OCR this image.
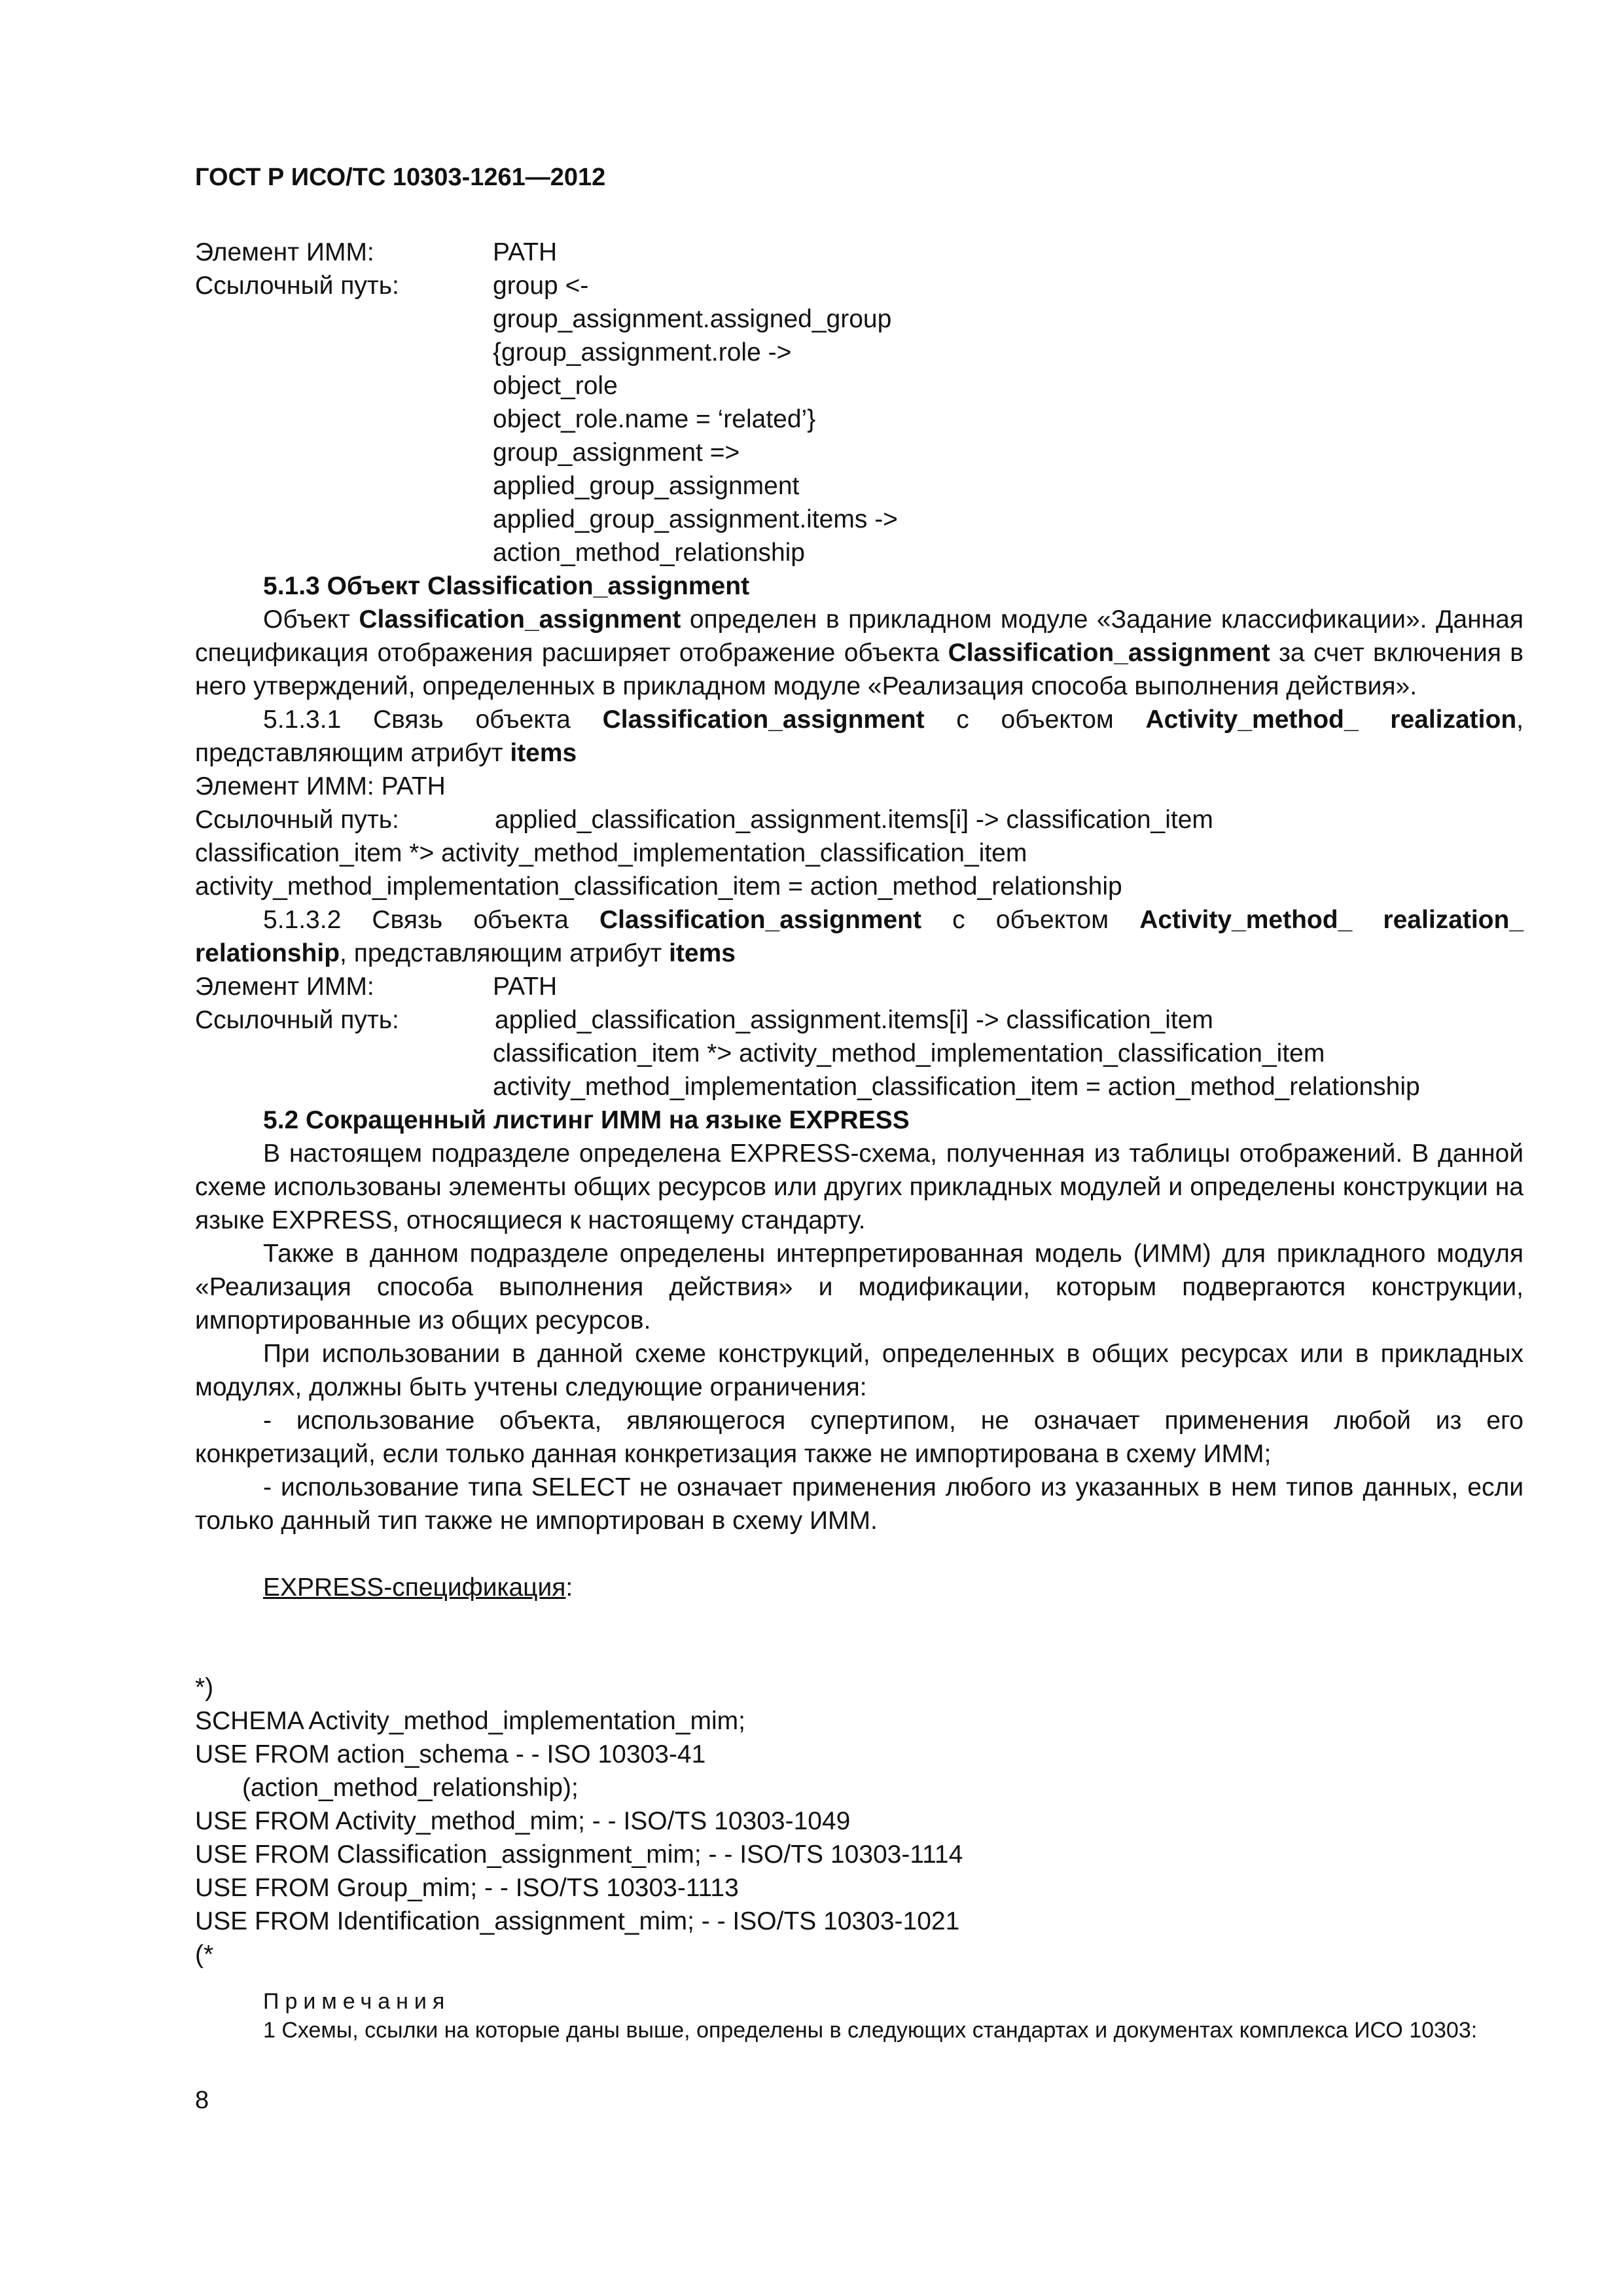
ГОСТ Р ИСО/ТС 10303-1261—2012
Элемент ИММ:	PATH
Ссылочный путь:	group <-
group_assignment.assigned_group
{group_assignment.role ->
object_role
object_role.name = ‘related’}
group_assignment =>
applied_group_assignment
applied_group_assignment.items ->
action_method_relationship
5.1.3 Объект Classification_assignment
Объект Classification_assignment определен в прикладном модуле «Задание классификации». Данная спецификация отображения расширяет отображение объекта Classification_assignment за счет включения в него утверждений, определенных в прикладном модуле «Реализация способа выполнения действия».
5.1.3.1 Связь объекта Classification_assignment с объектом Activity_method_ realization, представляющим атрибут items
Элемент ИММ: PATH
Ссылочный путь:	applied_classification_assignment.items[i] -> classification_item
classification_item *> activity_method_implementation_classification_item
activity_method_implementation_classification_item = action_method_relationship
5.1.3.2 Связь объекта Classification_assignment с объектом Activity_method_ realization_
relationship, представляющим атрибут items
Элемент ИММ:	PATH
Ссылочный путь:	applied_classification_assignment.items[i] -> classification_item
classification_item *> activity_method_implementation_classification_item
activity_method_implementation_classification_item = action_method_relationship
5.2 Сокращенный листинг ИММ на языке EXPRESS
В настоящем подразделе определена EXPRESS-схема, полученная из таблицы отображений. В данной схеме использованы элементы общих ресурсов или других прикладных модулей и определены конструкции на языке EXPRESS, относящиеся к настоящему стандарту.
Также в данном подразделе определены интерпретированная модель (ИММ) для прикладного модуля «Реализация способа выполнения действия» и модификации, которым подвергаются конструкции, импортированные из общих ресурсов.
При использовании в данной схеме конструкций, определенных в общих ресурсах или в прикладных модулях, должны быть учтены следующие ограничения:
- использование объекта, являющегося супертипом, не означает применения любой из его конкретизаций, если только данная конкретизация также не импортирована в схему ИММ;
- использование типа SELECT не означает применения любого из указанных в нем типов данных, если только данный тип также не импортирован в схему ИММ.
EXPRESS-спецификация:
*)
SCHEMA Activity_method_implementation_mim;
USE FROM action_schema - - ISO 10303-41
(action_method_relationship);
USE FROM Activity_method_mim; - - ISO/TS 10303-1049
USE FROM Classification_assignment_mim; - - ISO/TS 10303-1114
USE FROM Group_mim; - - ISO/TS 10303-1113
USE FROM Identification_assignment_mim; - - ISO/TS 10303-1021
(*
Примечания
1 Схемы, ссылки на которые даны выше, определены в следующих стандартах и документах комплекса ИСО 10303:
8
